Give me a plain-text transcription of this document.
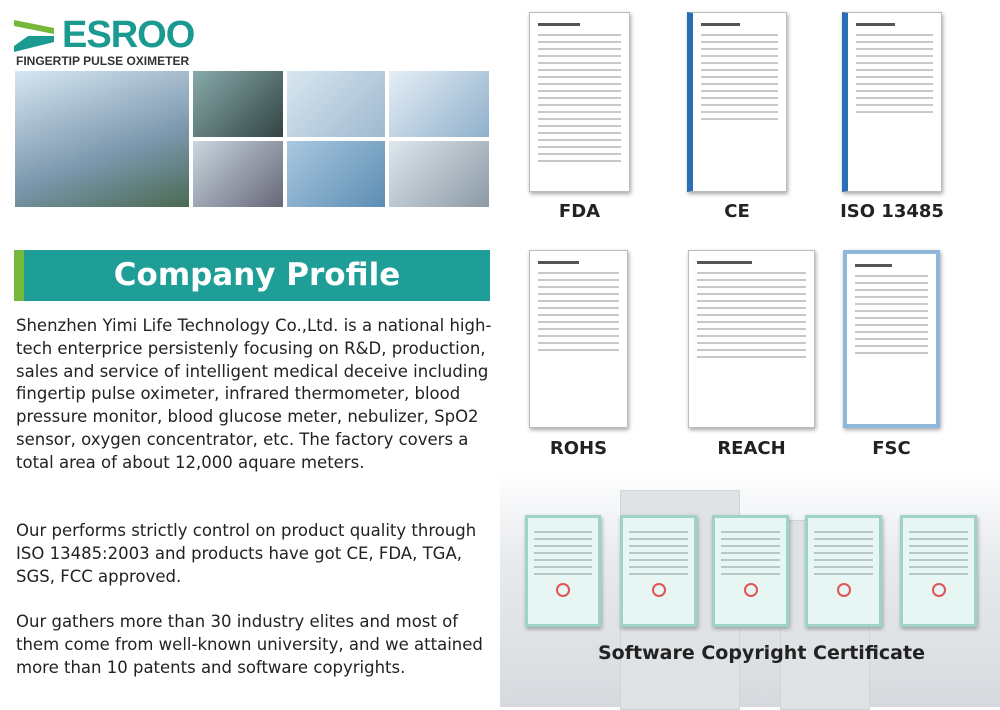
ESROO
FINGERTIP PULSE OXIMETER
Company Profile

Shenzhen Yimi Life Technology Co.,Ltd. is a national high-tech enterprice persistenly focusing on R&D, production, sales and service of intelligent medical deceive including fingertip pulse oximeter, infrared thermometer, blood pressure monitor, blood glucose meter, nebulizer, SpO2 sensor, oxygen concentrator, etc. The factory covers a total area of about 12,000 aquare meters.

Our performs strictly control on product quality through ISO 13485:2003 and products have got CE, FDA, TGA, SGS, FCC approved.

Our gathers more than 30 industry elites and most of them come from well-known university, and we attained more than 10 patents and software copyrights.

FDA	CE	ISO 13485
ROHS	REACH	FSC
Software Copyright Certificate
